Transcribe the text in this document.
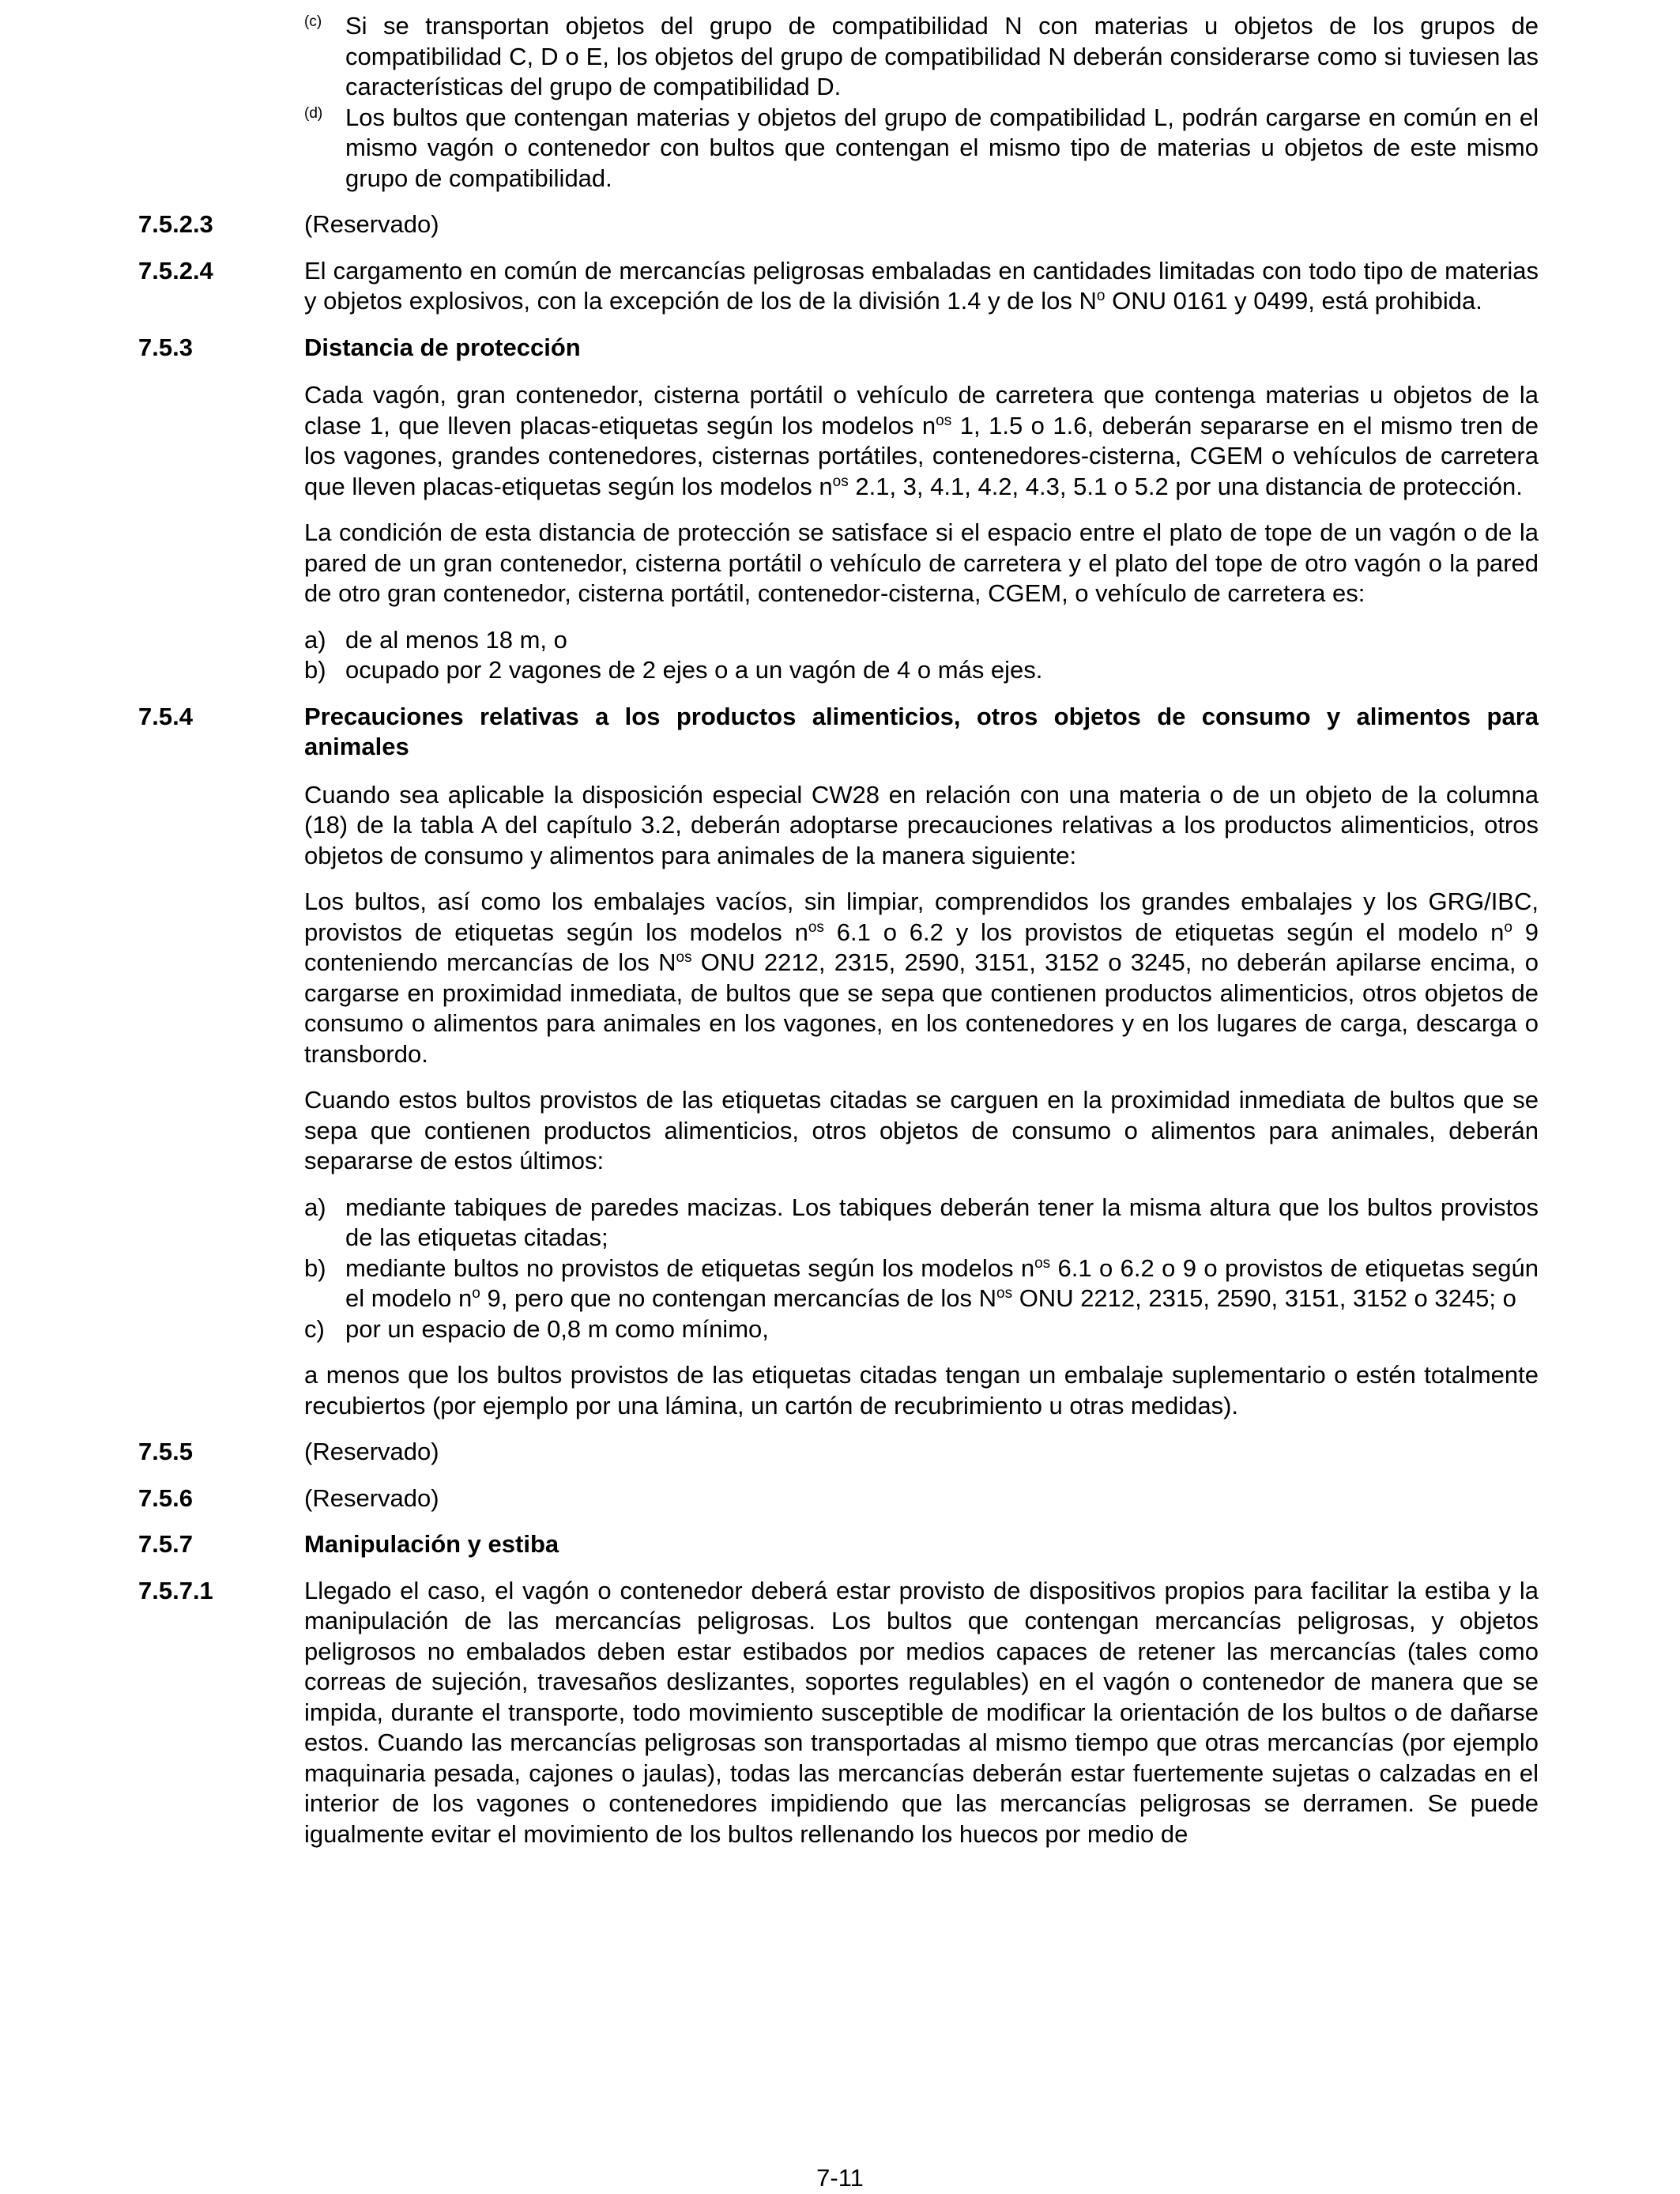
(c) Si se transportan objetos del grupo de compatibilidad N con materias u objetos de los grupos de compatibilidad C, D o E, los objetos del grupo de compatibilidad N deberán considerarse como si tuviesen las características del grupo de compatibilidad D.
(d) Los bultos que contengan materias y objetos del grupo de compatibilidad L, podrán cargarse en común en el mismo vagón o contenedor con bultos que contengan el mismo tipo de materias u objetos de este mismo grupo de compatibilidad.
7.5.2.3	(Reservado)
7.5.2.4	El cargamento en común de mercancías peligrosas embaladas en cantidades limitadas con todo tipo de materias y objetos explosivos, con la excepción de los de la división 1.4 y de los $N^o$ ONU 0161 y 0499, está prohibida.
7.5.3	Distancia de protección
Cada vagón, gran contenedor, cisterna portátil o vehículo de carretera que contenga materias u objetos de la clase 1, que lleven placas-etiquetas según los modelos $n^{os}$ 1, 1.5 o 1.6, deberán separarse en el mismo tren de los vagones, grandes contenedores, cisternas portátiles, contenedores-cisterna, CGEM o vehículos de carretera que lleven placas-etiquetas según los modelos $n^{os}$ 2.1, 3, 4.1, 4.2, 4.3, 5.1 o 5.2 por una distancia de protección.
La condición de esta distancia de protección se satisface si el espacio entre el plato de tope de un vagón o de la pared de un gran contenedor, cisterna portátil o vehículo de carretera y el plato del tope de otro vagón o la pared de otro gran contenedor, cisterna portátil, contenedor-cisterna, CGEM, o vehículo de carretera es:
a) de al menos 18 m, o
b) ocupado por 2 vagones de 2 ejes o a un vagón de 4 o más ejes.
7.5.4	Precauciones relativas a los productos alimenticios, otros objetos de consumo y alimentos para animales
Cuando sea aplicable la disposición especial CW28 en relación con una materia o de un objeto de la columna (18) de la tabla A del capítulo 3.2, deberán adoptarse precauciones relativas a los productos alimenticios, otros objetos de consumo y alimentos para animales de la manera siguiente:
Los bultos, así como los embalajes vacíos, sin limpiar, comprendidos los grandes embalajes y los GRG/IBC, provistos de etiquetas según los modelos $n^{os}$ 6.1 o 6.2 y los provistos de etiquetas según el modelo $n^o$ 9 conteniendo mercancías de los $N^{os}$ ONU 2212, 2315, 2590, 3151, 3152 o 3245, no deberán apilarse encima, o cargarse en proximidad inmediata, de bultos que se sepa que contienen productos alimenticios, otros objetos de consumo o alimentos para animales en los vagones, en los contenedores y en los lugares de carga, descarga o transbordo.
Cuando estos bultos provistos de las etiquetas citadas se carguen en la proximidad inmediata de bultos que se sepa que contienen productos alimenticios, otros objetos de consumo o alimentos para animales, deberán separarse de estos últimos:
a) mediante tabiques de paredes macizas. Los tabiques deberán tener la misma altura que los bultos provistos de las etiquetas citadas;
b) mediante bultos no provistos de etiquetas según los modelos $n^{os}$ 6.1 o 6.2 o 9 o provistos de etiquetas según el modelo $n^o$ 9, pero que no contengan mercancías de los $N^{os}$ ONU 2212, 2315, 2590, 3151, 3152 o 3245; o
c) por un espacio de 0,8 m como mínimo,
a menos que los bultos provistos de las etiquetas citadas tengan un embalaje suplementario o estén totalmente recubiertos (por ejemplo por una lámina, un cartón de recubrimiento u otras medidas).
7.5.5	(Reservado)
7.5.6	(Reservado)
7.5.7	Manipulación y estiba
7.5.7.1	Llegado el caso, el vagón o contenedor deberá estar provisto de dispositivos propios para facilitar la estiba y la manipulación de las mercancías peligrosas. Los bultos que contengan mercancías peligrosas, y objetos peligrosos no embalados deben estar estibados por medios capaces de retener las mercancías (tales como correas de sujeción, travesaños deslizantes, soportes regulables) en el vagón o contenedor de manera que se impida, durante el transporte, todo movimiento susceptible de modificar la orientación de los bultos o de dañarse estos. Cuando las mercancías peligrosas son transportadas al mismo tiempo que otras mercancías (por ejemplo maquinaria pesada, cajones o jaulas), todas las mercancías deberán estar fuertemente sujetas o calzadas en el interior de los vagones o contenedores impidiendo que las mercancías peligrosas se derramen. Se puede igualmente evitar el movimiento de los bultos rellenando los huecos por medio de
7-11
